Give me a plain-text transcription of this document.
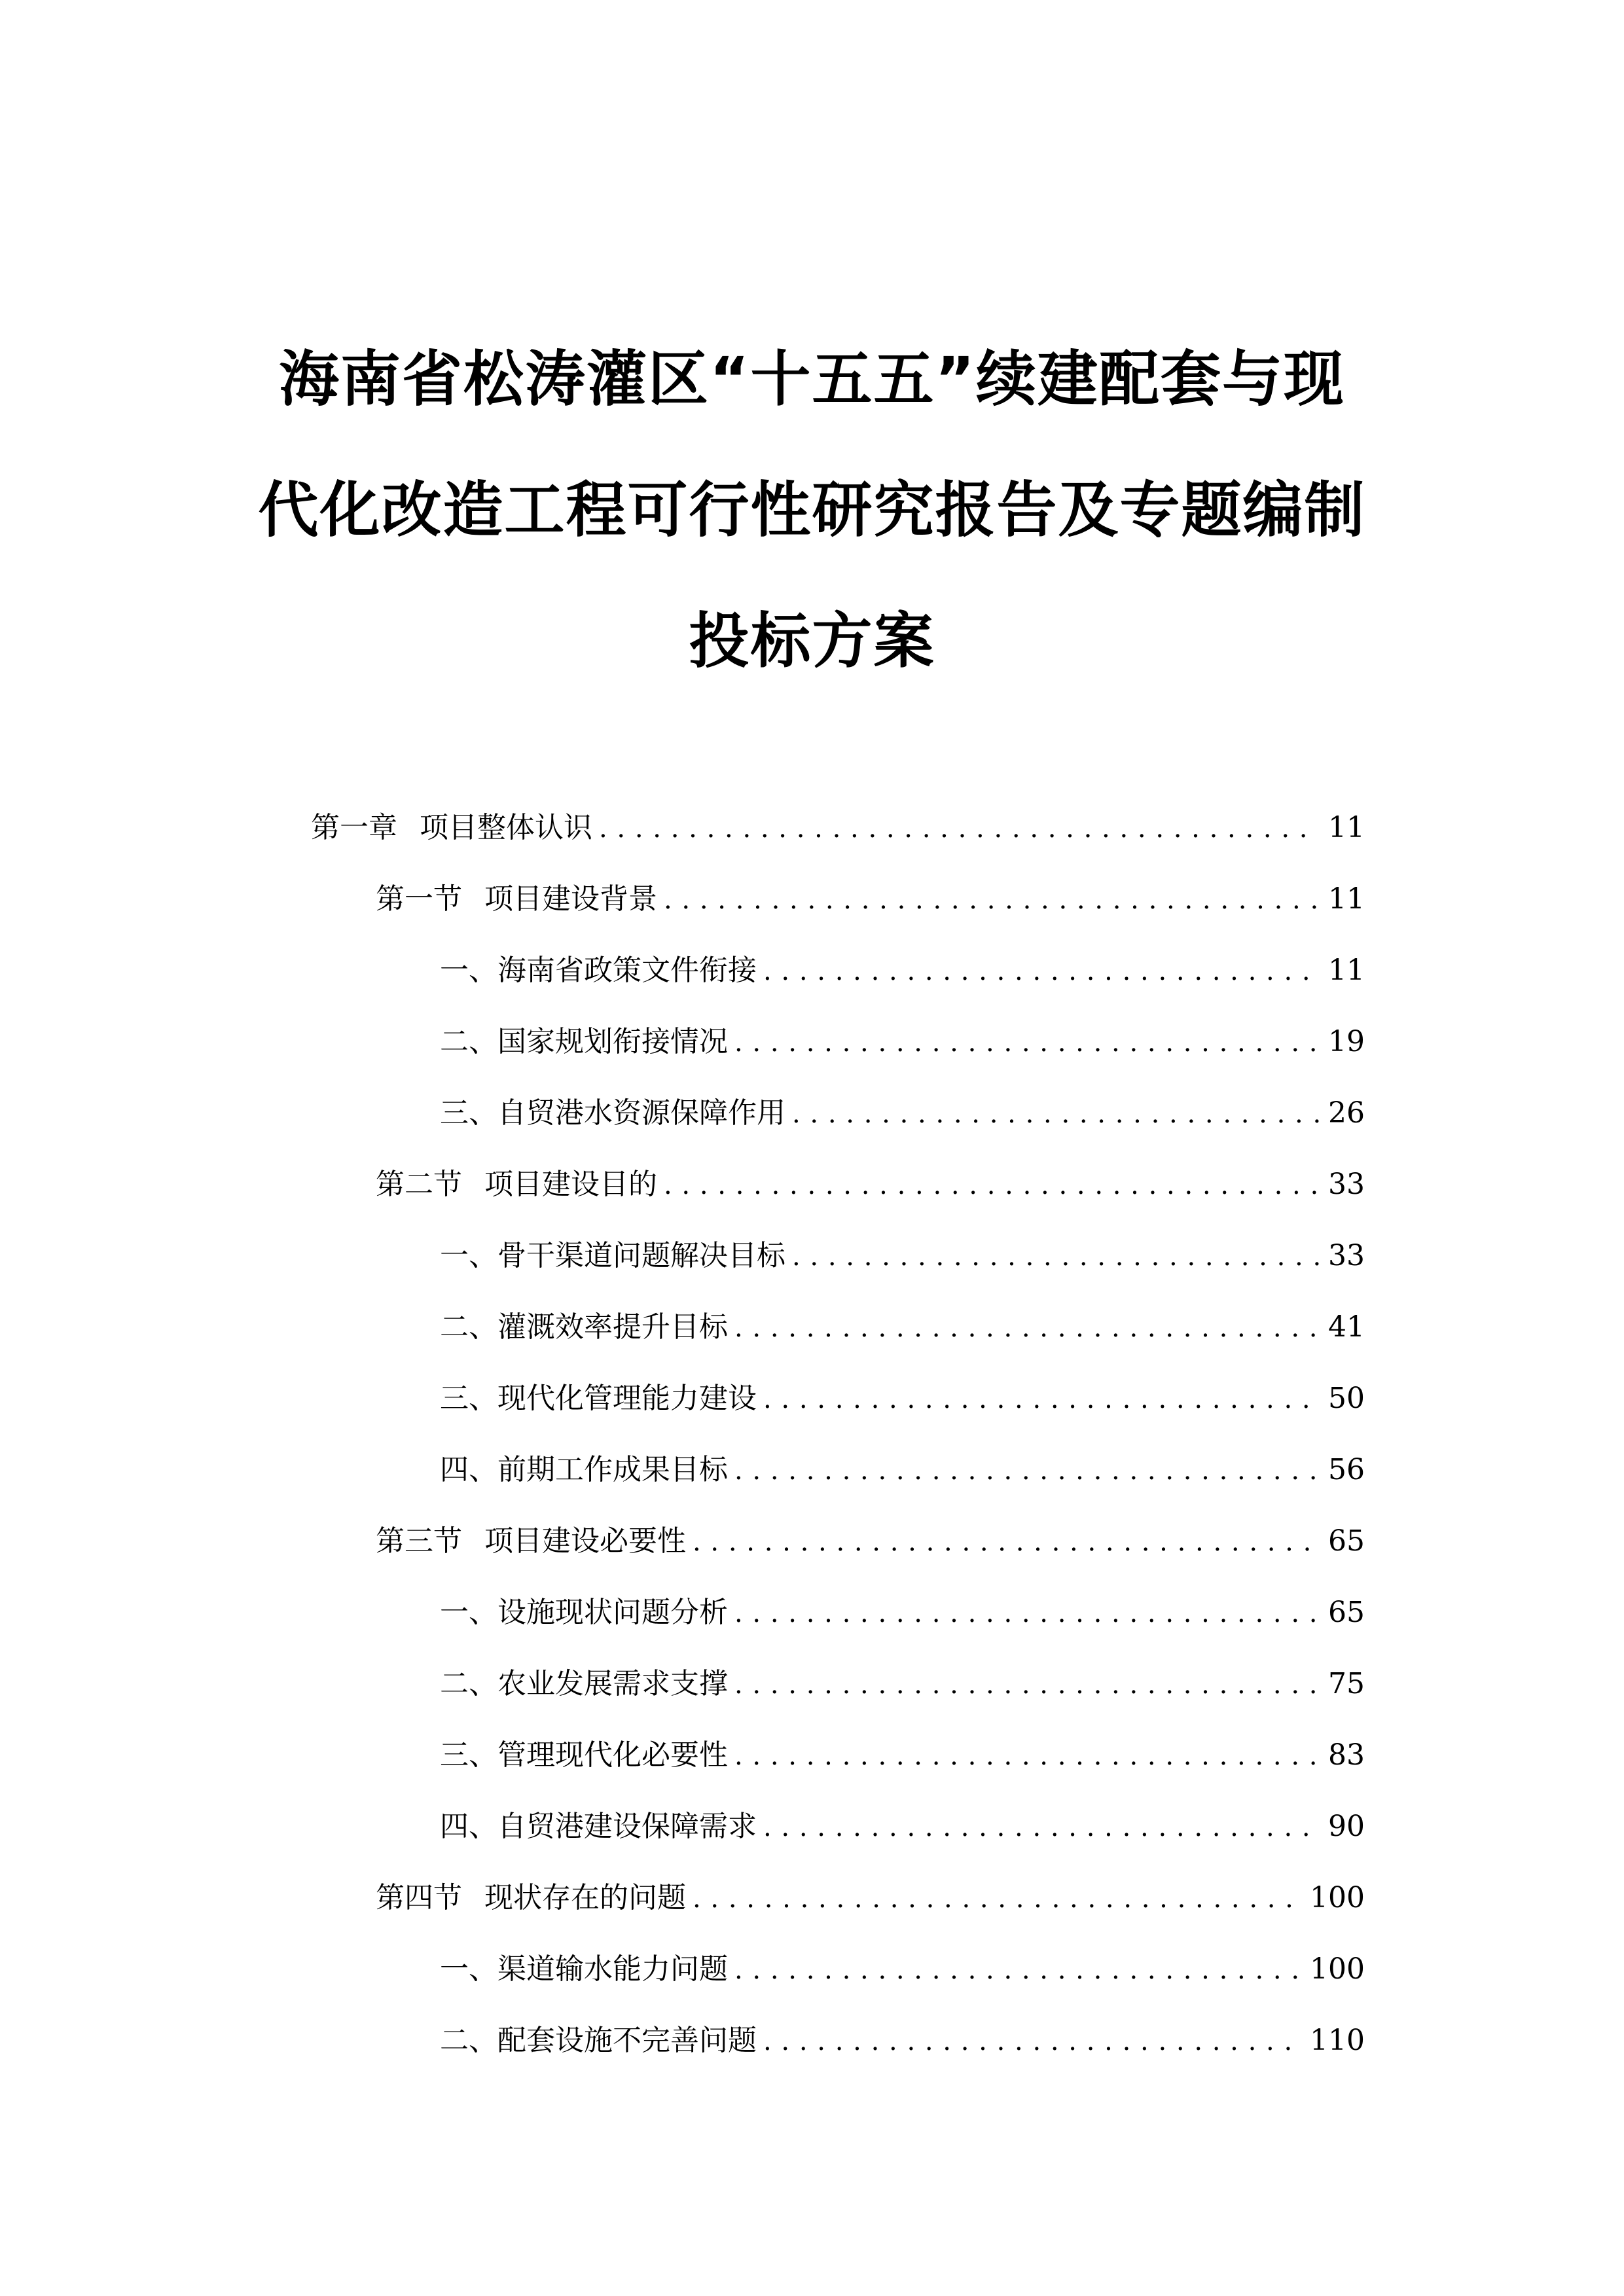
海南省松涛灌区“十五五”续建配套与现
代化改造工程可行性研究报告及专题编制
投标方案
第一章 项目整体认识 . . .	11
第一节 项目建设背景 . . .	11
一、 海南省政策文件衔接 . . .	11
二、 国家规划衔接情况 . . .	19
三、 自贸港水资源保障作用 . . .	26
第二节 项目建设目的 . . .	33
一、 骨干渠道问题解决目标 . . .	33
二、 灌溉效率提升目标 . . .	41
三、 现代化管理能力建设 . . .	50
四、 前期工作成果目标 . . .	56
第三节 项目建设必要性 . . .	65
一、 设施现状问题分析 . . .	65
二、 农业发展需求支撑 . . .	75
三、 管理现代化必要性 . . .	83
四、 自贸港建设保障需求 . . .	90
第四节 现状存在的问题 . . .	100
一、 渠道输水能力问题 . . .	100
二、 配套设施不完善问题 . . .	110
